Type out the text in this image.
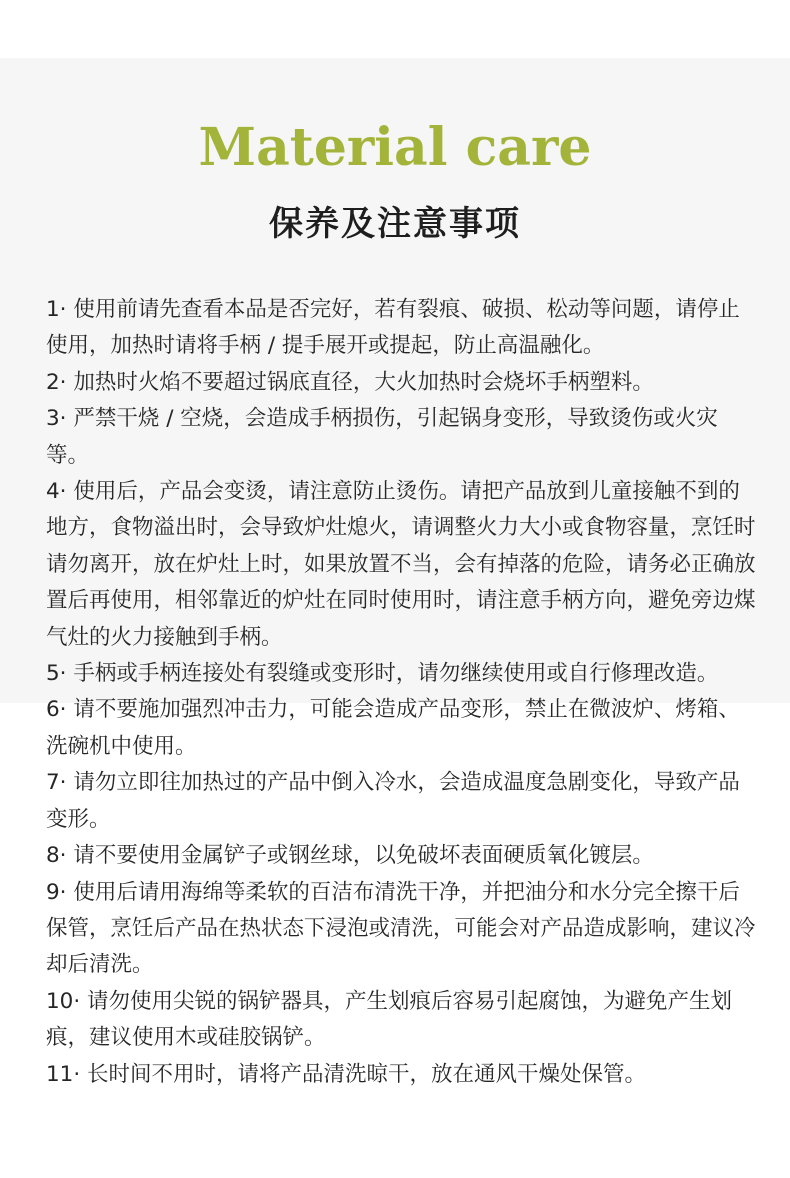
Material care
保养及注意事项
1· 使用前请先查看本品是否完好，若有裂痕、破损、松动等问题，请停止使用，加热时请将手柄 / 提手展开或提起，防止高温融化。
2· 加热时火焰不要超过锅底直径，大火加热时会烧坏手柄塑料。
3· 严禁干烧 / 空烧，会造成手柄损伤，引起锅身变形，导致烫伤或火灾等。
4· 使用后，产品会变烫，请注意防止烫伤。请把产品放到儿童接触不到的地方，食物溢出时，会导致炉灶熄火，请调整火力大小或食物容量，烹饪时请勿离开，放在炉灶上时，如果放置不当，会有掉落的危险，请务必正确放置后再使用，相邻靠近的炉灶在同时使用时，请注意手柄方向，避免旁边煤气灶的火力接触到手柄。
5· 手柄或手柄连接处有裂缝或变形时，请勿继续使用或自行修理改造。
6· 请不要施加强烈冲击力，可能会造成产品变形，禁止在微波炉、烤箱、洗碗机中使用。
7· 请勿立即往加热过的产品中倒入冷水，会造成温度急剧变化，导致产品变形。
8· 请不要使用金属铲子或钢丝球，以免破坏表面硬质氧化镀层。
9· 使用后请用海绵等柔软的百洁布清洗干净，并把油分和水分完全擦干后保管，烹饪后产品在热状态下浸泡或清洗，可能会对产品造成影响，建议冷却后清洗。
10· 请勿使用尖锐的锅铲器具，产生划痕后容易引起腐蚀，为避免产生划痕，建议使用木或硅胶锅铲。
11· 长时间不用时，请将产品清洗晾干，放在通风干燥处保管。
